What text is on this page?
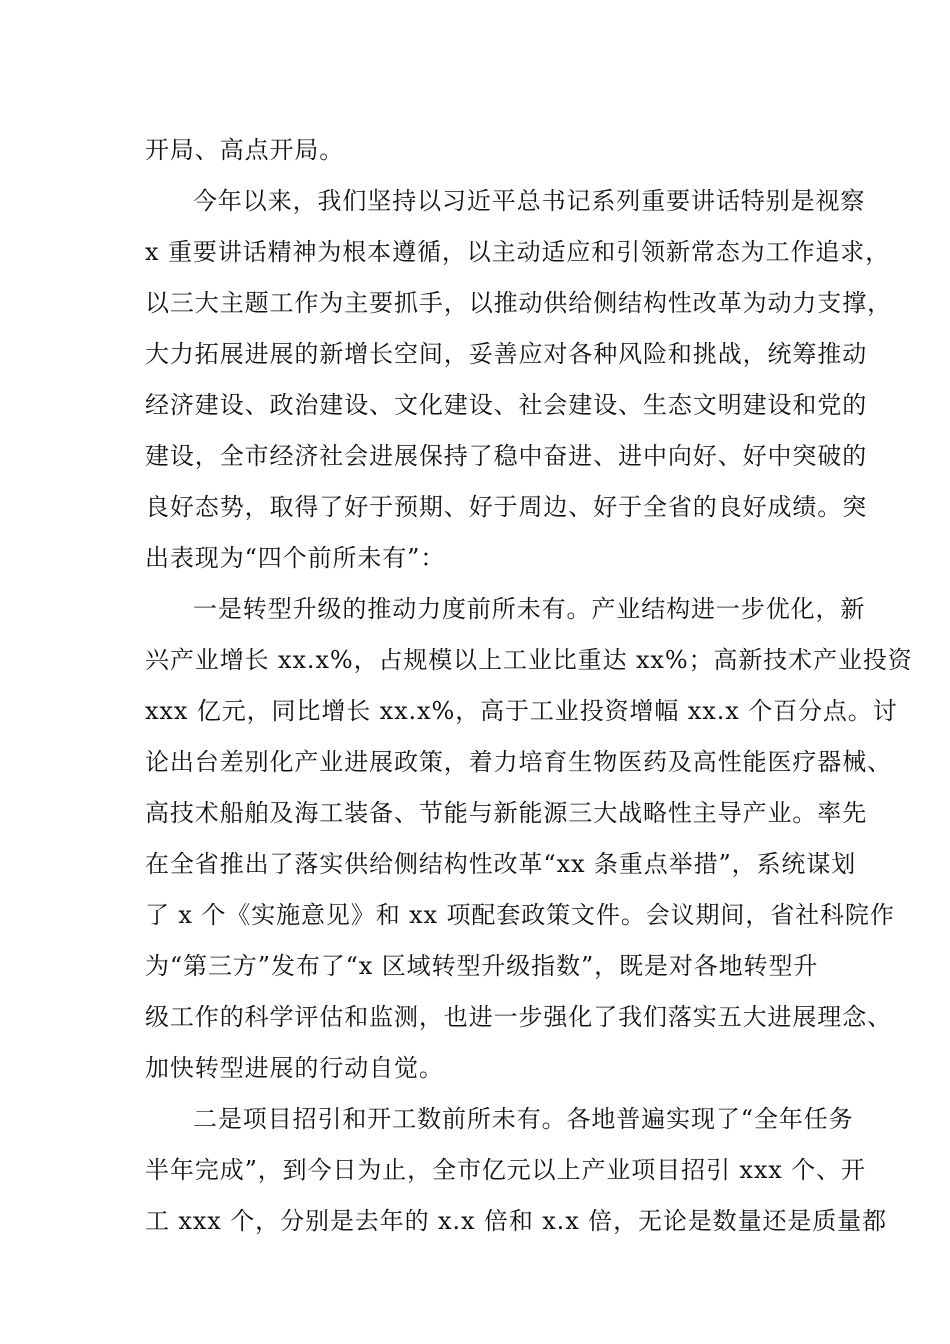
开局、高点开局。
今年以来，我们坚持以习近平总书记系列重要讲话特别是视察
x 重要讲话精神为根本遵循，以主动适应和引领新常态为工作追求，
以三大主题工作为主要抓手，以推动供给侧结构性改革为动力支撑，
大力拓展进展的新增长空间，妥善应对各种风险和挑战，统筹推动
经济建设、政治建设、文化建设、社会建设、生态文明建设和党的
建设，全市经济社会进展保持了稳中奋进、进中向好、好中突破的
良好态势，取得了好于预期、好于周边、好于全省的良好成绩。突
出表现为“四个前所未有”：
一是转型升级的推动力度前所未有。产业结构进一步优化，新
兴产业增长 xx.x%，占规模以上工业比重达 xx%；高新技术产业投资
xxx 亿元，同比增长 xx.x%，高于工业投资增幅 xx.x 个百分点。讨
论出台差别化产业进展政策，着力培育生物医药及高性能医疗器械、
高技术船舶及海工装备、节能与新能源三大战略性主导产业。率先
在全省推出了落实供给侧结构性改革“xx 条重点举措”，系统谋划
了 x 个《实施意见》和 xx 项配套政策文件。会议期间，省社科院作
为“第三方”发布了“x 区域转型升级指数”，既是对各地转型升
级工作的科学评估和监测，也进一步强化了我们落实五大进展理念、
加快转型进展的行动自觉。
二是项目招引和开工数前所未有。各地普遍实现了“全年任务
半年完成”，到今日为止，全市亿元以上产业项目招引 xxx 个、开
工 xxx 个，分别是去年的 x.x 倍和 x.x 倍，无论是数量还是质量都
